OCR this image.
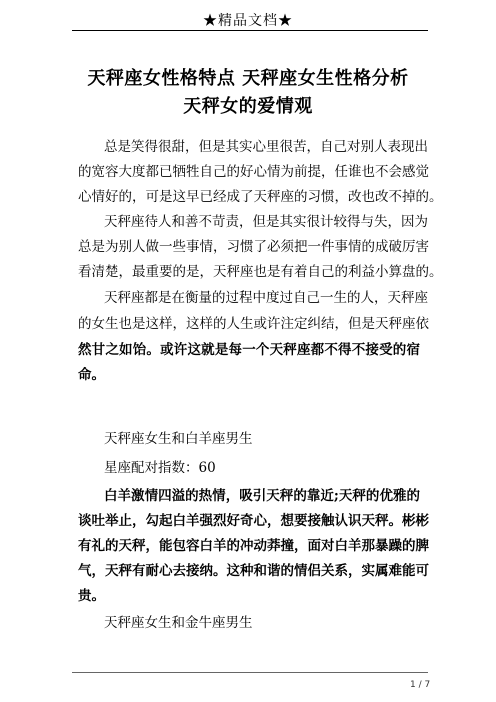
★精品文档★
天秤座女性格特点 天秤座女生性格分析
天秤女的爱情观
总是笑得很甜，但是其实心里很苦，自己对别人表现出
的宽容大度都已牺牲自己的好心情为前提，任谁也不会感觉
心情好的，可是这早已经成了天秤座的习惯，改也改不掉的。
天秤座待人和善不苛责，但是其实很计较得与失，因为
总是为别人做一些事情，习惯了必须把一件事情的成破厉害
看清楚，最重要的是，天秤座也是有着自己的利益小算盘的。
天秤座都是在衡量的过程中度过自己一生的人，天秤座
的女生也是这样，这样的人生或许注定纠结，但是天秤座依
然甘之如饴。或许这就是每一个天秤座都不得不接受的宿
命。
天秤座女生和白羊座男生
星座配对指数：60
白羊激情四溢的热情，吸引天秤的靠近;天秤的优雅的
谈吐举止，勾起白羊强烈好奇心，想要接触认识天秤。彬彬
有礼的天秤，能包容白羊的冲动莽撞，面对白羊那暴躁的脾
气，天秤有耐心去接纳。这种和谐的情侣关系，实属难能可
贵。
天秤座女生和金牛座男生
1 / 7
